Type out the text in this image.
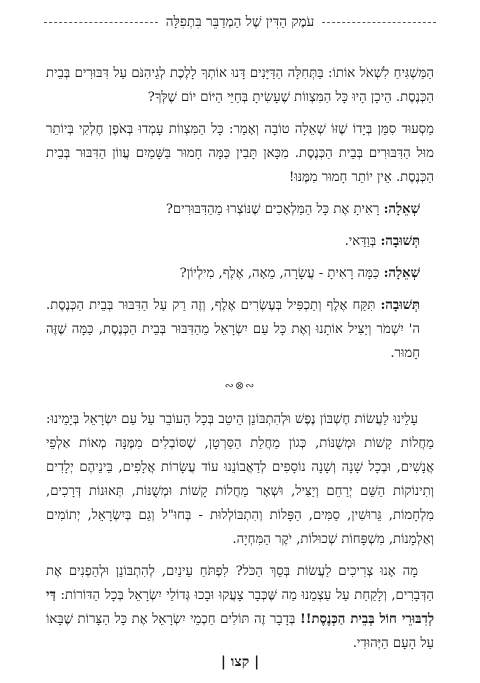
עֹמֶק הַדִּין שֶׁל הַמְדַבֵּר בִּתְפִלָּה

הַמַּשְׁגִּיחַ לִשְׁאֹל אוֹתוֹ: בַּתְּחִלָּה הַדַּיָּנִים דָּנוּ אוֹתְךָ לָלֶכֶת לְגֵיהִנֹּם עַל דִּבּוּרִים בְּבֵית הַכְּנֶסֶת. הֵיכָן הָיוּ כָּל הַמִּצְווֹת שֶׁעָשִׂיתָ בְּחַיֵּי הַיּוֹם יוֹם שֶׁלְּךָ?

מַסְעוּד סִמֵּן בְּיָדוֹ שֶׁזּוֹ שְׁאֵלָה טוֹבָה וְאָמַר: כָּל הַמִּצְווֹת עָמְדוּ בְּאֹפֶן חֶלְקִי בְּיוֹתֵר מוּל הַדִּבּוּרִים בְּבֵית הַכְּנֶסֶת. מִכָּאן תָּבִין כַּמָּה חָמוּר בַּשָּׁמַיִם עֲווֹן הַדִּבּוּר בְּבֵית הַכְּנֶסֶת. אֵין יוֹתֵר חָמוּר מִמֶּנּוּ!

שְׁאֵלָה: רָאִיתָ אֶת כָּל הַמַּלְאָכִים שֶׁנּוֹצְרוּ מֵהַדִּבּוּרִים?

תְּשׁוּבָה: בְּוַדַּאי.

שְׁאֵלָה: כַּמָּה רָאִיתָ - עֲשָׂרָה, מֵאָה, אֶלֶף, מִילְיוֹן?

תְּשׁוּבָה: תִּקַּח אֶלֶף וְתַכְפִּיל בְּעֶשְׂרִים אֶלֶף, וְזֶה רַק עַל הַדִּבּוּר בְּבֵית הַכְּנֶסֶת. ה' יִשְׁמֹר וְיַצִּיל אוֹתָנוּ וְאֶת כָּל עַם יִשְׂרָאֵל מֵהַדִּבּוּר בְּבֵית הַכְּנֶסֶת, כַּמָּה שֶׁזֶּה חָמוּר.

∾⊗∾

עָלֵינוּ לַעֲשׂוֹת חֶשְׁבּוֹן נֶפֶשׁ וּלְהִתְבּוֹנֵן הֵיטֵב בְּכָל הָעוֹבֵר עַל עַם יִשְׂרָאֵל בְּיָמֵינוּ: מַחֲלוֹת קָשׁוֹת וּמְשֻׁנּוֹת, כְּגוֹן מַחֲלַת הַסַּרְטָן, שֶׁסּוֹבְלִים מִמֶּנָּה מְאוֹת אַלְפֵי אֲנָשִׁים, וּבְכָל שָׁנָה וְשָׁנָה נוֹסָפִים לְדַאֲבוֹנֵנוּ עוֹד עֲשָׂרוֹת אֲלָפִים, בֵּינֵיהֶם יְלָדִים וְתִינוֹקוֹת הַשֵּׁם יְרַחֵם וְיַצִּיל, וּשְׁאָר מַחֲלוֹת קָשׁוֹת וּמְשֻׁנּוֹת, תְּאוּנוֹת דְּרָכִים, מִלְחָמוֹת, גֵּרוּשִׁין, סַמִּים, הַפָּלוֹת וְהִתְבּוֹלְלוּת - בְּחוּ"ל וְגַם בְּיִשְׂרָאֵל, יְתוֹמִים וְאַלְמָנוֹת, מִשְׁפָּחוֹת שְׁכוּלוֹת, יֹקֶר הַמִּחְיָה.

מָה אָנוּ צְרִיכִים לַעֲשׂוֹת בְּסֵךְ הַכֹּל? לִפְתֹּחַ עֵינַיִם, לְהִתְבּוֹנֵן וּלְהַפְנִים אֶת הַדְּבָרִים, וְלָקַחַת עַל עַצְמֵנוּ מַה שֶּׁכְּבָר צָעֲקוּ וּבָכוּ גְּדוֹלֵי יִשְׂרָאֵל בְּכָל הַדּוֹרוֹת: דַּי לְדִבּוּרֵי חוֹל בְּבֵית הַכְּנֶסֶת!! בְּדָבָר זֶה תּוֹלִים חַכְמֵי יִשְׂרָאֵל אֶת כָּל הַצָּרוֹת שֶׁבָּאוֹ עַל הָעָם הַיְּהוּדִי.

| קצו |
